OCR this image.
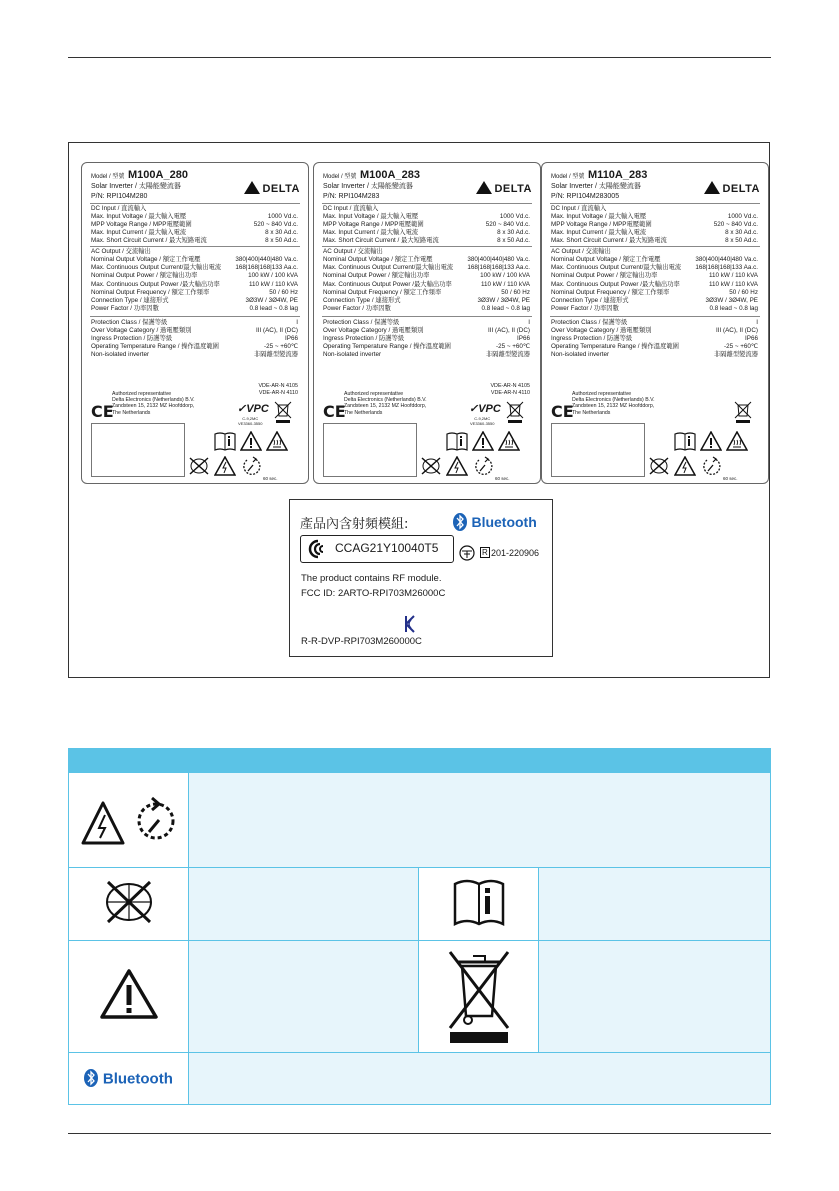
Model / 型號 M100A_280
Solar Inverter / 太陽能變流器
P/N: RPI104M280
DELTA
DC Input / 直流輸入
Max. Input Voltage / 最大輸入電壓	1000 Vd.c.
MPP Voltage Range / MPP電壓範圍	520 ~ 840 Vd.c.
Max. Input Current / 最大輸入電流	8 x 30 Ad.c.
Max. Short Circuit Current / 最大短路電流	8 x 50 Ad.c.
AC Output / 交流輸出
Nominal Output Voltage / 額定工作電壓	380|400|440|480 Va.c.
Max. Continuous Output Current/最大輸出電流 168|168|168|133 Aa.c.
Nominal Output Power / 額定輸出功率	100 kW / 100 kVA
Max. Continuous Output Power /最大輸出功率	110 kW / 110 kVA
Nominal Output Frequency / 額定工作頻率	50 / 60 Hz
Connection Type / 連接形式	3Ø3W / 3Ø4W, PE
Power Factor / 功率因數	0.8 lead ~ 0.8 lag
Protection Class / 保護等級	I
Over Voltage Category / 過電壓類別	III (AC), II (DC)
Ingress Protection / 防護等級	IP66
Operating Temperature Range / 操作溫度範圍	-25 ~ +60℃
Non-isolated inverter	非隔離型變流器
CE
Authorized representative
Delta Electronics (Netherlands) B.V.
Zandsteen 15, 2132 MZ Hoofddorp,
The Netherlands
VDE-AR-N 4105
VDE-AR-N 4110
✓VPC
C-9,2MC
VE3360-3550
60 sec.
Model / 型號 M100A_283
Solar Inverter / 太陽能變流器
P/N: RPI104M283
DELTA
DC Input / 直流輸入
Max. Input Voltage / 最大輸入電壓	1000 Vd.c.
MPP Voltage Range / MPP電壓範圍	520 ~ 840 Vd.c.
Max. Input Current / 最大輸入電流	8 x 30 Ad.c.
Max. Short Circuit Current / 最大短路電流	8 x 50 Ad.c.
AC Output / 交流輸出
Nominal Output Voltage / 額定工作電壓	380|400|440|480 Va.c.
Max. Continuous Output Current/最大輸出電流 168|168|168|133 Aa.c.
Nominal Output Power / 額定輸出功率	100 kW / 100 kVA
Max. Continuous Output Power /最大輸出功率	110 kW / 110 kVA
Nominal Output Frequency / 額定工作頻率	50 / 60 Hz
Connection Type / 連接形式	3Ø3W / 3Ø4W, PE
Power Factor / 功率因數	0.8 lead ~ 0.8 lag
Protection Class / 保護等級	I
Over Voltage Category / 過電壓類別	III (AC), II (DC)
Ingress Protection / 防護等級	IP66
Operating Temperature Range / 操作溫度範圍	-25 ~ +60℃
Non-isolated inverter	非隔離型變流器
CE
Authorized representative
Delta Electronics (Netherlands) B.V.
Zandsteen 15, 2132 MZ Hoofddorp,
The Netherlands
VDE-AR-N 4105
VDE-AR-N 4110
✓VPC
C-9,2MC
VE3360-3550
60 sec.
Model / 型號 M110A_283
Solar Inverter / 太陽能變流器
P/N: RPI104M283005
DELTA
DC Input / 直流輸入
Max. Input Voltage / 最大輸入電壓	1000 Vd.c.
MPP Voltage Range / MPP電壓範圍	520 ~ 840 Vd.c.
Max. Input Current / 最大輸入電流	8 x 30 Ad.c.
Max. Short Circuit Current / 最大短路電流	8 x 50 Ad.c.
AC Output / 交流輸出
Nominal Output Voltage / 額定工作電壓	380|400|440|480 Va.c.
Max. Continuous Output Current/最大輸出電流 168|168|168|133 Aa.c.
Nominal Output Power / 額定輸出功率	110 kW / 110 kVA
Max. Continuous Output Power /最大輸出功率	110 kW / 110 kVA
Nominal Output Frequency / 額定工作頻率	50 / 60 Hz
Connection Type / 連接形式	3Ø3W / 3Ø4W, PE
Power Factor / 功率因數	0.8 lead ~ 0.8 lag
Protection Class / 保護等級	I
Over Voltage Category / 過電壓類別	III (AC), II (DC)
Ingress Protection / 防護等級	IP66
Operating Temperature Range / 操作溫度範圍	-25 ~ +60℃
Non-isolated inverter	非隔離型變流器
CE
Authorized representative
Delta Electronics (Netherlands) B.V.
Zandsteen 15, 2132 MZ Hoofddorp,
The Netherlands
60 sec.
產品內含射頻模組:
CCAG21Y10040T5
Bluetooth
R 201-220906
The product contains RF module.
FCC ID: 2ARTO-RPI703M26000C
R-R-DVP-RPI703M260000C

Bluetooth			
